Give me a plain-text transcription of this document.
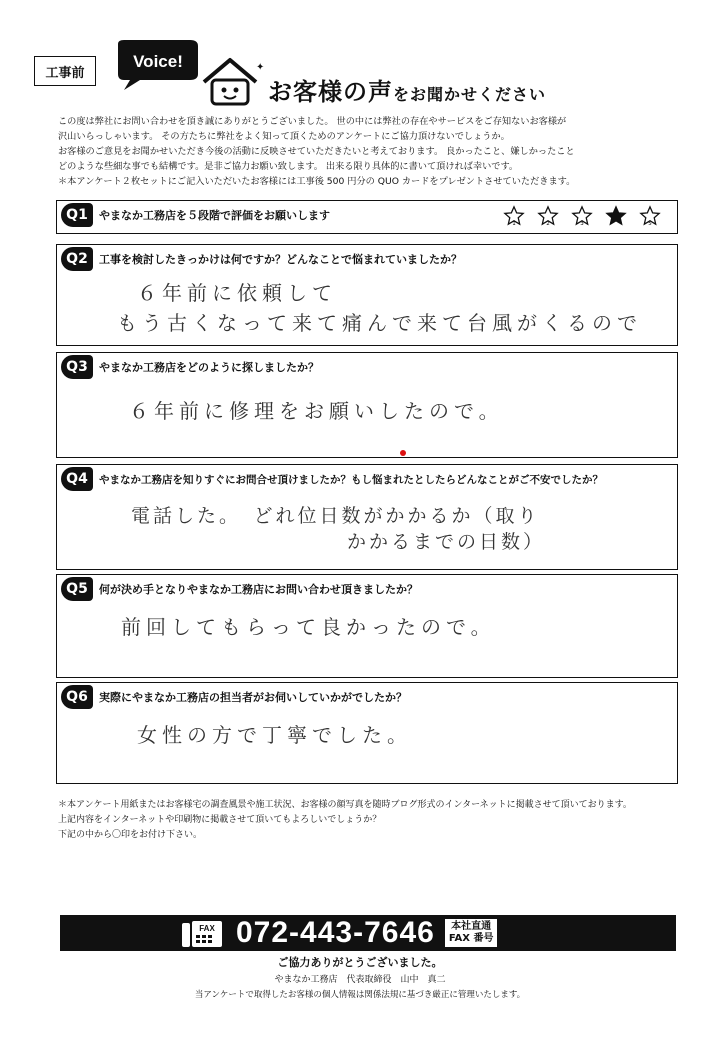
工事前
Voice!	✦
お客様の声をお聞かせください
この度は弊社にお問い合わせを頂き誠にありがとうございました。 世の中には弊社の存在やサービスをご存知ないお客様が
沢山いらっしゃいます。 その方たちに弊社をよく知って頂くためのアンケートにご協力頂けないでしょうか。
お客様のご意見をお聞かせいただき今後の活動に反映させていただきたいと考えております。 良かったこと、嫌しかったこと
どのような些細な事でも結構です。是非ご協力お願い致します。 出来る限り具体的に書いて頂ければ幸いです。
＊本アンケート２枚セットにご記入いただいたお客様には工事後 500 円分の QUO カードをプレゼントさせていただきます。
Q1	やまなか工務店を５段階で評価をお願いします
1	2	3	5
Q2	工事を検討したきっかけは何ですか？どんなことで悩まれていましたか？
６年前に依頼して
もう古くなって来て痛んで来て台風がくるので
Q3	やまなか工務店をどのように探しましたか？
６年前に修理をお願いしたので。
Q4	やまなか工務店を知りすぐにお問合せ頂けましたか？もし悩まれたとしたらどんなことがご不安でしたか？
電話した。　どれ位日数がかかるか（取り
かかるまでの日数）
Q5	何が決め手となりやまなか工務店にお問い合わせ頂きましたか？
前回してもらって良かったので。
Q6	実際にやまなか工務店の担当者がお伺いしていかがでしたか？
女性の方で丁寧でした。
＊本アンケート用紙またはお客様宅の調査風景や施工状況、お客様の顔写真を随時ブログ形式のインターネットに掲載させて頂いております。
上記内容をインターネットや印刷物に掲載させて頂いてもよろしいでしょうか？
下記の中から〇印をお付け下さい。
FAX 072-443-7646 本社直通
FAX 番号
ご協力ありがとうございました。
やまなか工務店　代表取締役　山中　真二
当アンケートで取得したお客様の個人情報は関係法規に基づき厳正に管理いたします。
